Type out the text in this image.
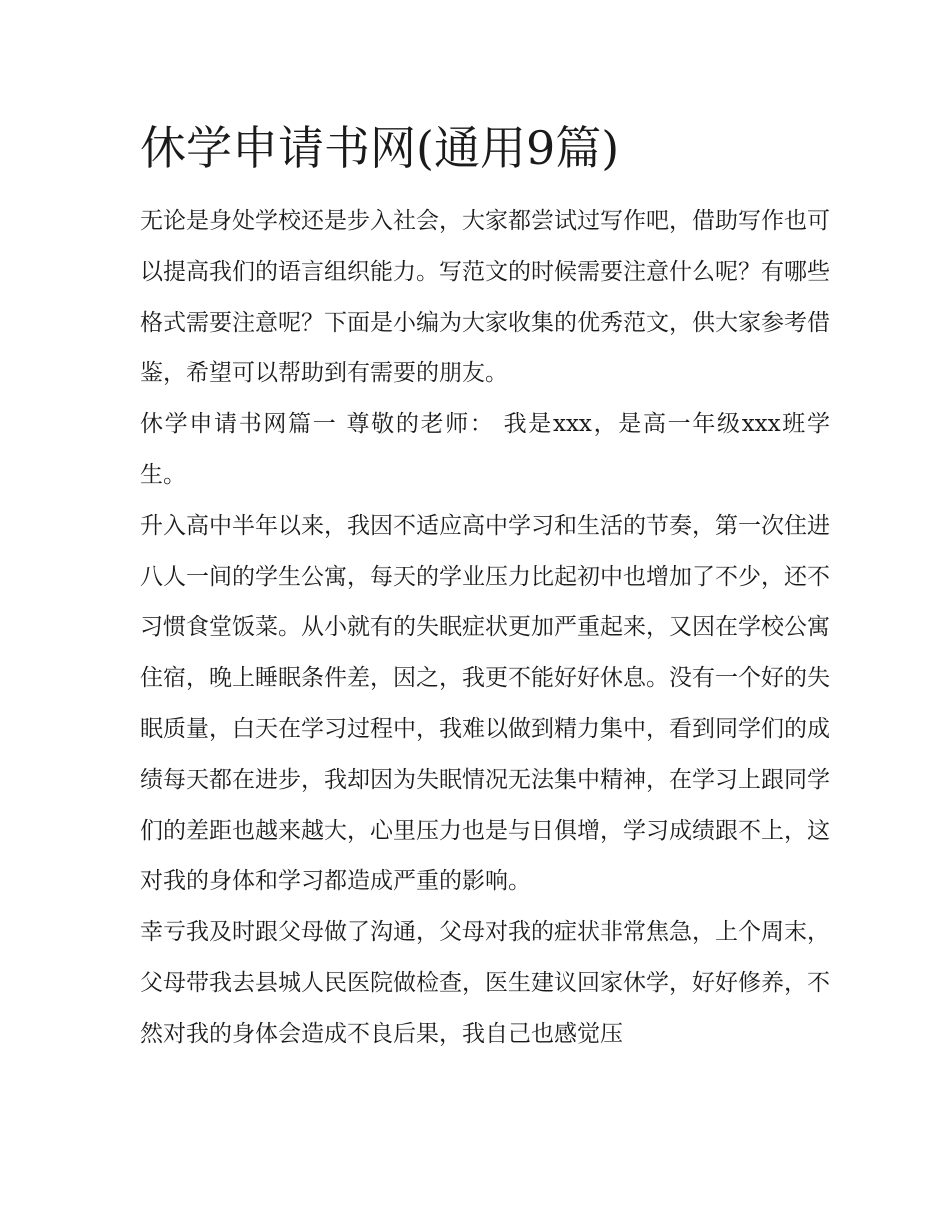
休学申请书网(通用9篇)

无论是身处学校还是步入社会，大家都尝试过写作吧，借助写作也可以提高我们的语言组织能力。写范文的时候需要注意什么呢？有哪些格式需要注意呢？下面是小编为大家收集的优秀范文，供大家参考借鉴，希望可以帮助到有需要的朋友。

休学申请书网篇一 尊敬的老师： 我是xxx，是高一年级xxx班学生。

升入高中半年以来，我因不适应高中学习和生活的节奏，第一次住进八人一间的学生公寓，每天的学业压力比起初中也增加了不少，还不习惯食堂饭菜。从小就有的失眠症状更加严重起来，又因在学校公寓住宿，晚上睡眠条件差，因之，我更不能好好休息。没有一个好的失眠质量，白天在学习过程中，我难以做到精力集中，看到同学们的成绩每天都在进步，我却因为失眠情况无法集中精神，在学习上跟同学们的差距也越来越大，心里压力也是与日俱增，学习成绩跟不上，这对我的身体和学习都造成严重的影响。

幸亏我及时跟父母做了沟通，父母对我的症状非常焦急，上个周末，父母带我去县城人民医院做检查，医生建议回家休学，好好修养，不然对我的身体会造成不良后果，我自己也感觉压
